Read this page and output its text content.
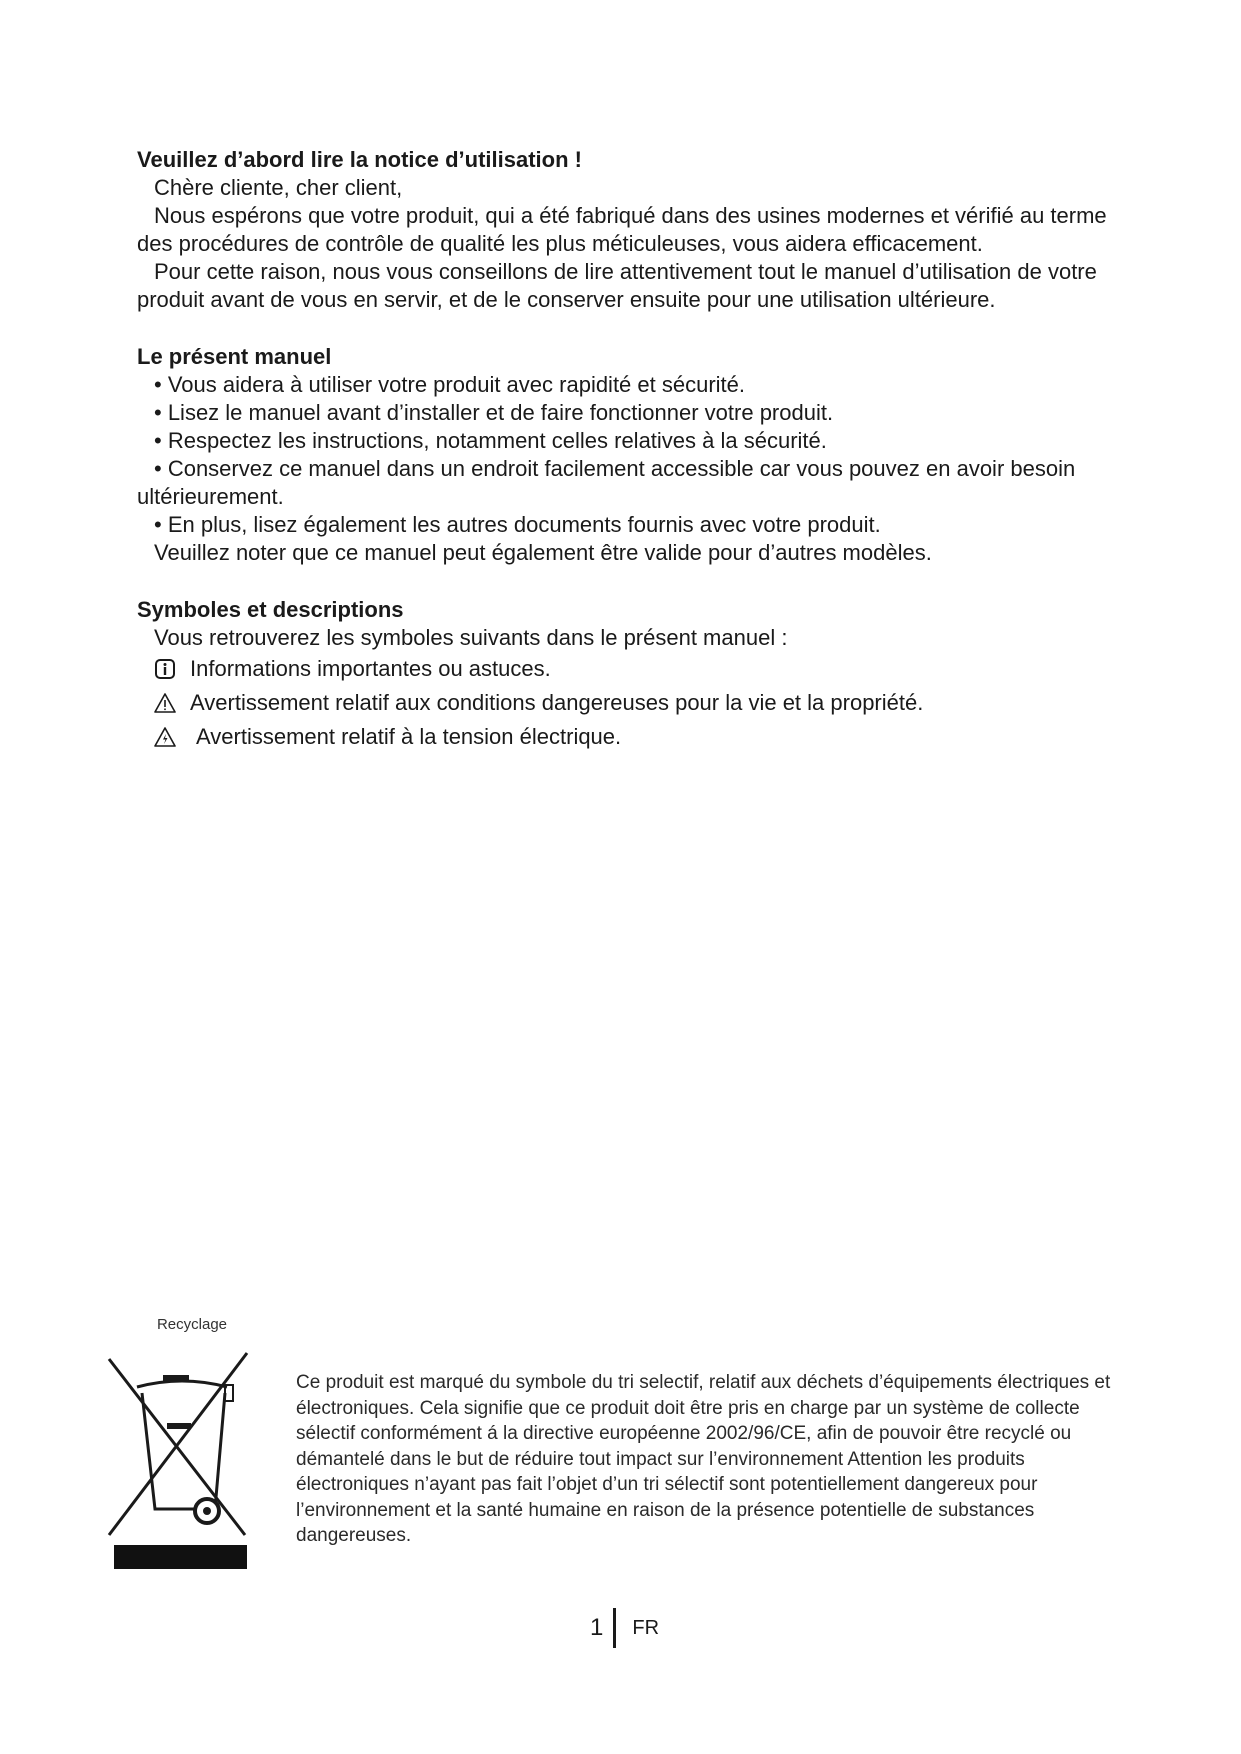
Veuillez d’abord lire la notice d’utilisation !

Chère cliente, cher client,

Nous espérons que votre produit, qui a été fabriqué dans des usines modernes et vérifié au terme des procédures de contrôle de qualité les plus méticuleuses, vous aidera efficacement.

Pour cette raison, nous vous conseillons de lire attentivement tout le manuel d’utilisation de votre produit avant de vous en servir, et de le conserver ensuite pour une utilisation ultérieure.

Le présent manuel

• Vous aidera à utiliser votre produit avec rapidité et sécurité.

• Lisez le manuel avant d’installer et de faire fonctionner votre produit.

• Respectez les instructions, notamment celles relatives à la sécurité.

• Conservez ce manuel dans un endroit facilement accessible car vous pouvez en avoir besoin ultérieurement.

• En plus, lisez également les autres documents fournis avec votre produit.

Veuillez noter que ce manuel peut également être valide pour d’autres modèles.

Symboles et descriptions

Vous retrouverez les symboles suivants dans le présent manuel :

Informations importantes ou astuces.
Avertissement relatif aux conditions dangereuses pour la vie et la propriété.
Avertissement relatif à la tension électrique.
Recyclage
Ce produit est marqué du symbole du tri selectif, relatif aux déchets d’équipements électriques et électroniques. Cela signifie que ce produit doit être pris en charge par un système de collecte sélectif conformément á la directive européenne 2002/96/CE, afin de pouvoir être recyclé ou démantelé dans le but de réduire tout impact sur l’environnement Attention les produits électroniques n’ayant pas fait l’objet d’un tri sélectif sont potentiellement dangereux pour l’environnement et la santé humaine en raison de la présence potentielle de substances dangereuses.
1 FR
